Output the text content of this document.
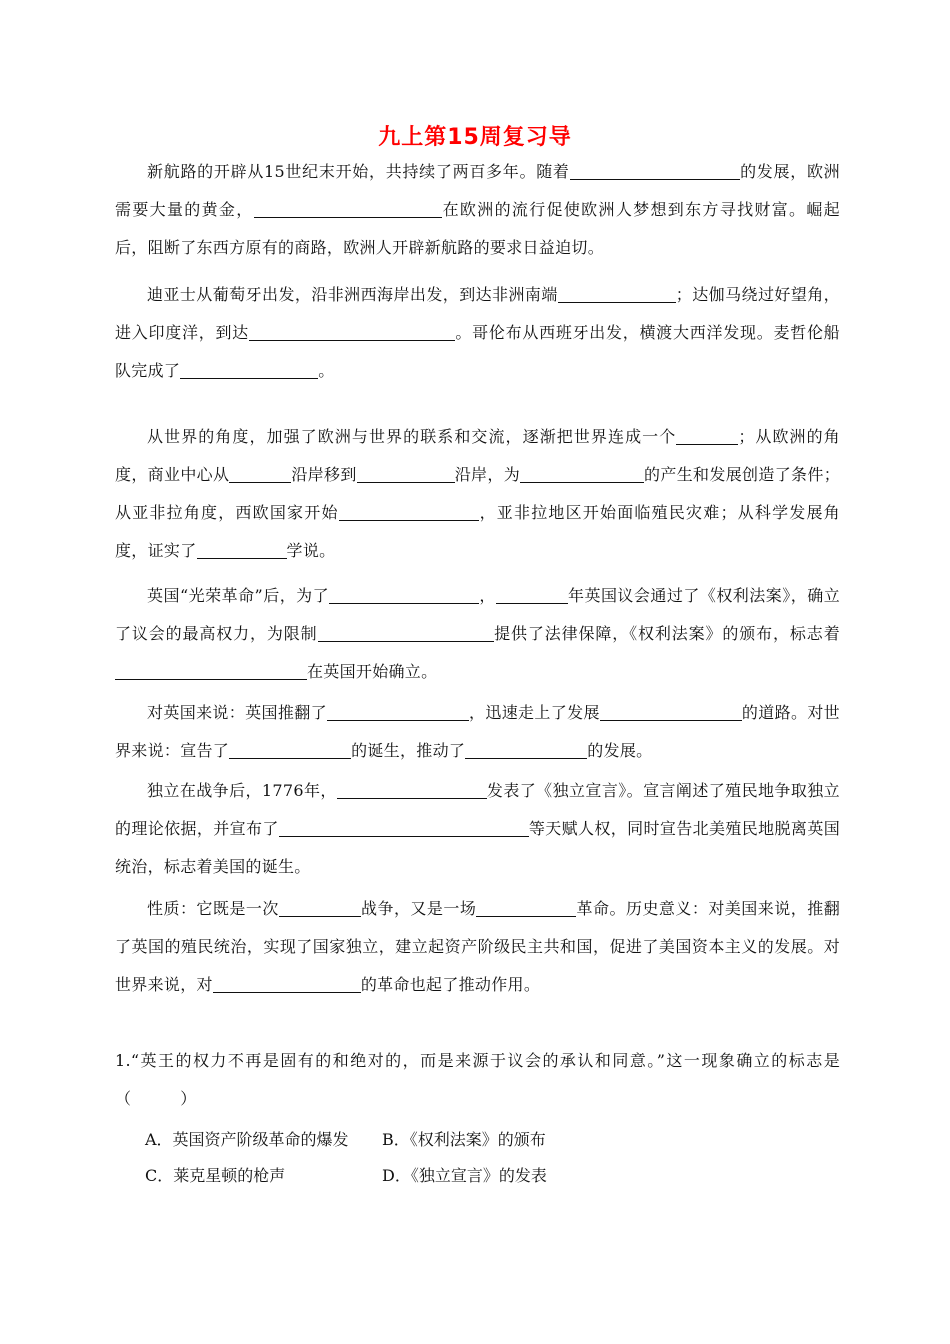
九上第15周复习导
新航路的开辟从15世纪末开始，共持续了两百多年。随着	的发展，欧洲需要大量的黄金，	在欧洲的流行促使欧洲人梦想到东方寻找财富。崛起后，阻断了东西方原有的商路，欧洲人开辟新航路的要求日益迫切。
迪亚士从葡萄牙出发，沿非洲西海岸出发，到达非洲南端	；达伽马绕过好望角，进入印度洋，到达	。哥伦布从西班牙出发，横渡大西洋发现。麦哲伦船队完成了	。
从世界的角度，加强了欧洲与世界的联系和交流，逐渐把世界连成一个	；从欧洲的角度，商业中心从	沿岸移到	沿岸，为	的产生和发展创造了条件；从亚非拉角度，西欧国家开始	，亚非拉地区开始面临殖民灾难；从科学发展角度，证实了	学说。
英国“光荣革命”后，为了	，	年英国议会通过了《权利法案》，确立了议会的最高权力，为限制	提供了法律保障，《权利法案》的颁布，标志着在英国开始确立。
对英国来说：英国推翻了	，迅速走上了发展	的道路。对世界来说：宣告了	的诞生，推动了	的发展。
独立在战争后，1776年，	发表了《独立宣言》。宣言阐述了殖民地争取独立的理论依据，并宣布了	等天赋人权，同时宣告北美殖民地脱离英国统治，标志着美国的诞生。
性质：它既是一次	战争，又是一场	革命。历史意义：对美国来说，推翻了英国的殖民统治，实现了国家独立，建立起资产阶级民主共和国，促进了美国资本主义的发展。对世界来说，对	的革命也起了推动作用。
1.“英王的权力不再是固有的和绝对的，而是来源于议会的承认和同意。”这一现象确立的标志是（　　　）
A．英国资产阶级革命的爆发 B．《权利法案》的颁布
C．莱克星顿的枪声	D．《独立宣言》的发表
